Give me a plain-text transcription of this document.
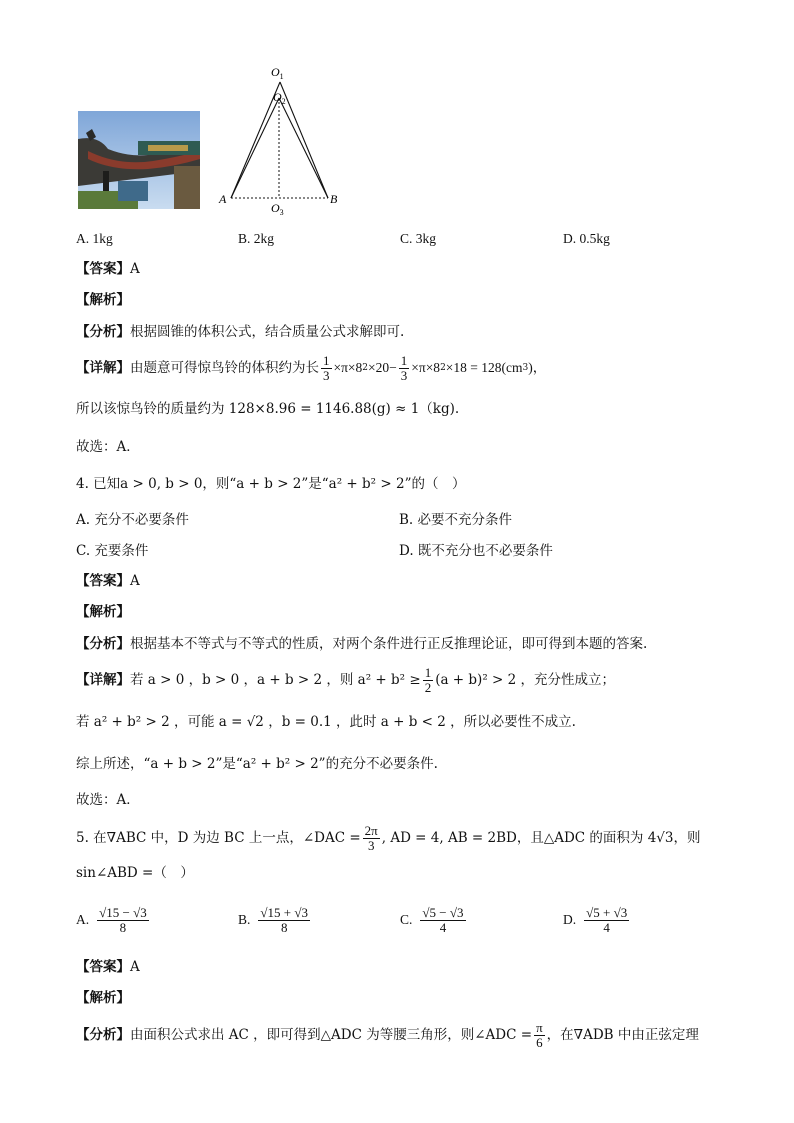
$O_1$
$O_2$
$O_3$
A	B
A. 1kg	B. 2kg	C. 3kg	D. 0.5kg
【答案】A
【解析】
【分析】根据圆锥的体积公式，结合质量公式求解即可.
【详解】 由题意可得惊鸟铃的体积约为长 $\frac{1}{3} \times\pi\times 8$ $2 \times 20- \frac{1}{3} \times\pi\times 8$ 2 ×18 = 128 (cm 3 )，
所以该惊鸟铃的质量约为 128×8.96 = 1146.88(g) ≈ 1（kg).
故选：A．
4. 已知a > 0, b > 0，则“a + b > 2”是“a² + b² > 2”的（　）
A. 充分不必要条件	B. 必要不充分条件
C. 充要条件	D. 既不充分也不必要条件
【答案】A
【解析】
【分析】根据基本不等式与不等式的性质，对两个条件进行正反推理论证，即可得到本题的答案.
【详解】 若 a > 0 ，b > 0 ，a + b > 2 ，则 $a^2 + b^2 \ge \frac{1}{2} (a + b)^2 > 2$ ，充分性成立；
若 a² + b² > 2 ，可能 a = √2 ，b = 0.1 ，此时 a + b < 2 ，所以必要性不成立.
综上所述，“a + b > 2”是“a² + b² > 2”的充分不必要条件.
故选：A．
5. 在∇ABC 中，D 为边 BC 上一点，∠DAC = $\frac{2\pi}{3}$ , AD = 4, AB = 2BD，且△ADC 的面积为 4√3，则
sin∠ABD =（　）
A. $\frac{√15 - √3}{8}$	B. $\frac{√15 + √3}{8}$	C. $\frac{√5 - √3}{4}$	D. $\frac{√5 + √3}{4}$
【答案】A
【解析】
【分析】 由面积公式求出 AC ，即可得到△ADC 为等腰三角形，则∠ADC = $\frac{\pi}{6}$ ，在∇ADB 中由正弦定理
